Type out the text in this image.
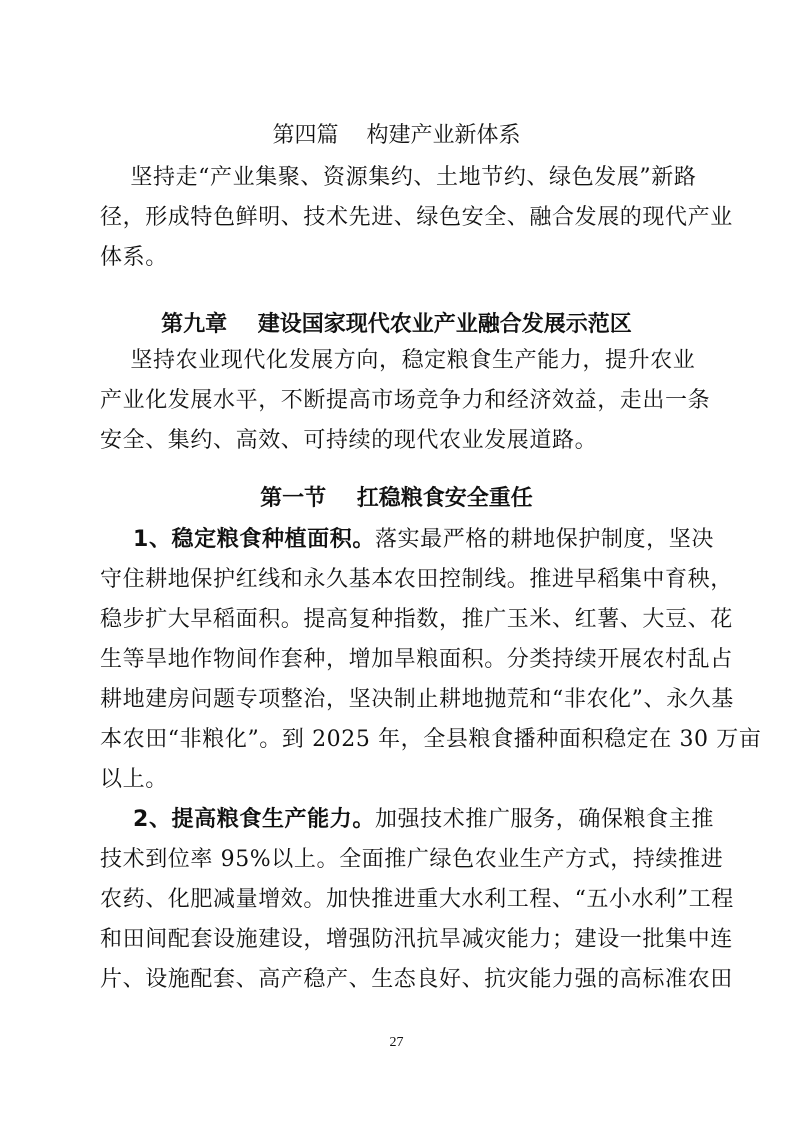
第四篇    构建产业新体系
坚持走“产业集聚、资源集约、土地节约、绿色发展”新路
径，形成特色鲜明、技术先进、绿色安全、融合发展的现代产业
体系。
第九章    建设国家现代农业产业融合发展示范区
坚持农业现代化发展方向，稳定粮食生产能力，提升农业
产业化发展水平，不断提高市场竞争力和经济效益，走出一条
安全、集约、高效、可持续的现代农业发展道路。
第一节    扛稳粮食安全重任
1、稳定粮食种植面积。落实最严格的耕地保护制度，坚决
守住耕地保护红线和永久基本农田控制线。推进早稻集中育秧，
稳步扩大早稻面积。提高复种指数，推广玉米、红薯、大豆、花
生等旱地作物间作套种，增加旱粮面积。分类持续开展农村乱占
耕地建房问题专项整治，坚决制止耕地抛荒和“非农化”、永久基
本农田“非粮化”。到 2025 年，全县粮食播种面积稳定在 30 万亩
以上。
2、提高粮食生产能力。加强技术推广服务，确保粮食主推
技术到位率 95%以上。全面推广绿色农业生产方式，持续推进
农药、化肥减量增效。加快推进重大水利工程、“五小水利”工程
和田间配套设施建设，增强防汛抗旱减灾能力；建设一批集中连
片、设施配套、高产稳产、生态良好、抗灾能力强的高标准农田
27
